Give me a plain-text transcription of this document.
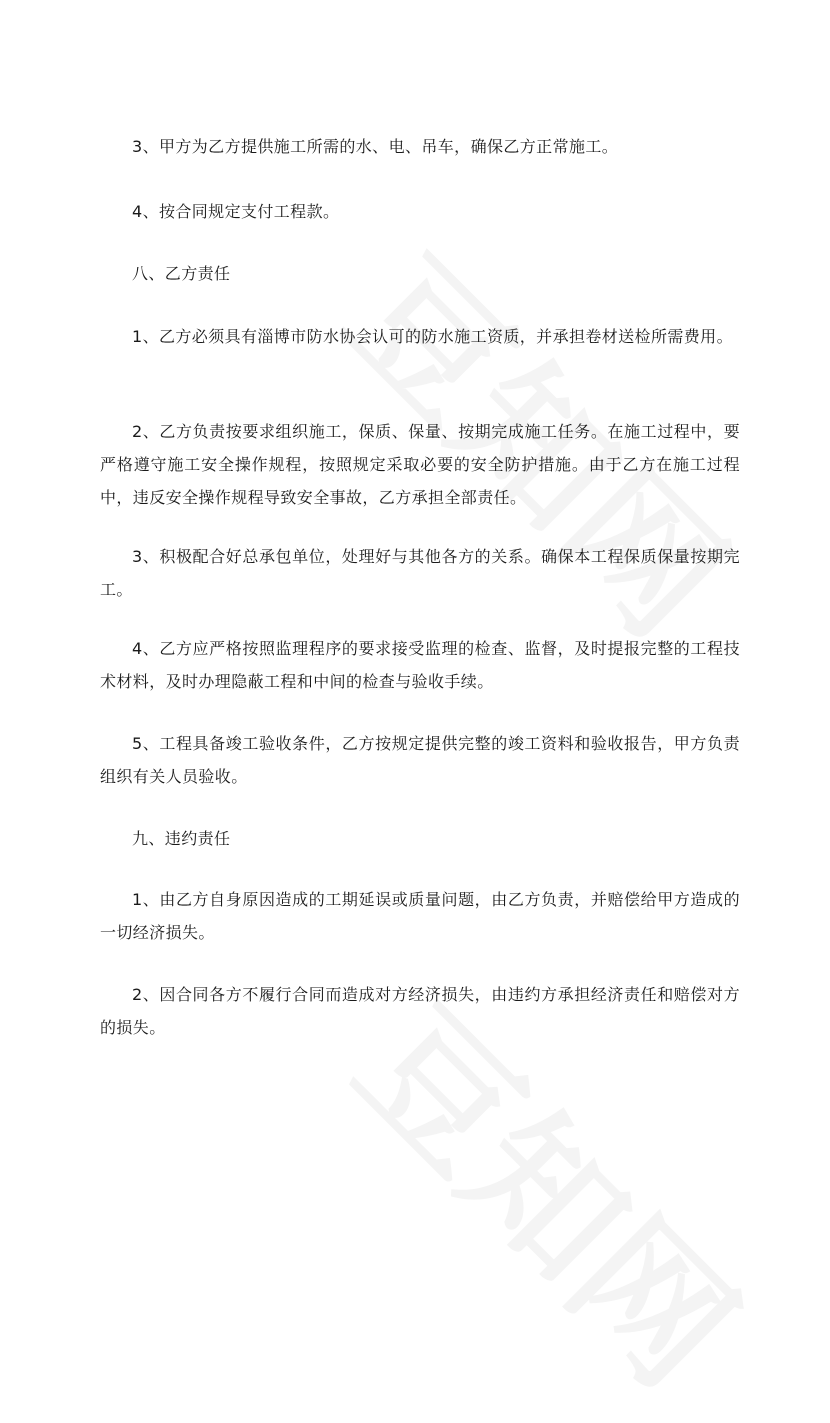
3、甲方为乙方提供施工所需的水、电、吊车，确保乙方正常施工。

4、按合同规定支付工程款。

八、乙方责任

1、乙方必须具有淄博市防水协会认可的防水施工资质，并承担卷材送检所需费用。

2、乙方负责按要求组织施工，保质、保量、按期完成施工任务。在施工过程中，要严格遵守施工安全操作规程，按照规定采取必要的安全防护措施。由于乙方在施工过程中，违反安全操作规程导致安全事故，乙方承担全部责任。

3、积极配合好总承包单位，处理好与其他各方的关系。确保本工程保质保量按期完工。

4、乙方应严格按照监理程序的要求接受监理的检查、监督，及时提报完整的工程技术材料，及时办理隐蔽工程和中间的检查与验收手续。

5、工程具备竣工验收条件，乙方按规定提供完整的竣工资料和验收报告，甲方负责组织有关人员验收。

九、违约责任

1、由乙方自身原因造成的工期延误或质量问题，由乙方负责，并赔偿给甲方造成的一切经济损失。

2、因合同各方不履行合同而造成对方经济损失，由违约方承担经济责任和赔偿对方的损失。
